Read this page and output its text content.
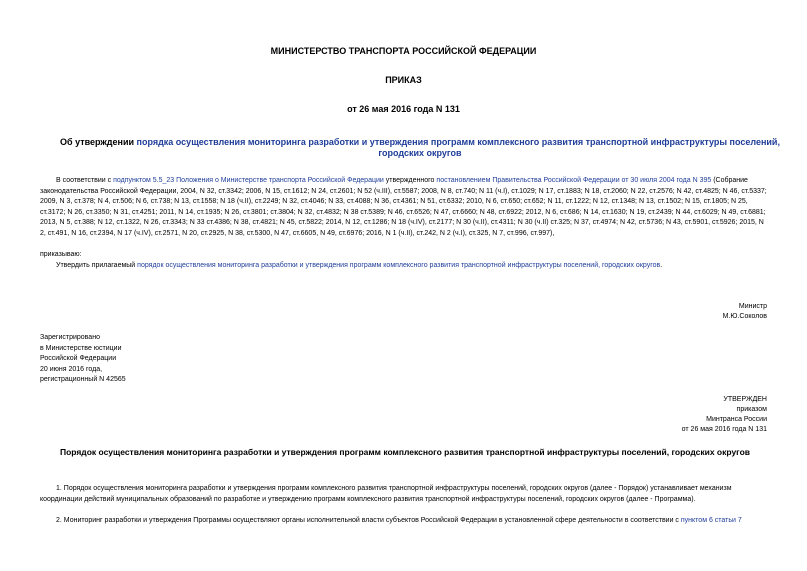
МИНИСТЕРСТВО ТРАНСПОРТА РОССИЙСКОЙ ФЕДЕРАЦИИ
ПРИКАЗ
от 26 мая 2016 года N 131
Об утверждении порядка осуществления мониторинга разработки и утверждения программ комплексного развития транспортной инфраструктуры поселений, городских округов
В соответствии с подпунктом 5.5_23 Положения о Министерстве транспорта Российской Федерации утвержденного постановлением Правительства Российской Федерации от 30 июля 2004 года N 395 (Собрание законодательства Российской Федерации, 2004, N 32, ст.3342; 2006, N 15, ст.1612; N 24, ст.2601; N 52 (ч.III), ст.5587; 2008, N 8, ст.740; N 11 (ч.I), ст.1029; N 17, ст.1883; N 18, ст.2060; N 22, ст.2576; N 42, ст.4825; N 46, ст.5337; 2009, N 3, ст.378; N 4, ст.506; N 6, ст.738; N 13, ст.1558; N 18 (ч.II), ст.2249; N 32, ст.4046; N 33, ст.4088; N 36, ст.4361; N 51, ст.6332; 2010, N 6, ст.650; ст.652; N 11, ст.1222; N 12, ст.1348; N 13, ст.1502; N 15, ст.1805; N 25, ст.3172; N 26, ст.3350; N 31, ст.4251; 2011, N 14, ст.1935; N 26, ст.3801; ст.3804; N 32, ст.4832; N 38 ст.5389; N 46, ст.6526; N 47, ст.6660; N 48, ст.6922; 2012, N 6, ст.686; N 14, ст.1630; N 19, ст.2439; N 44, ст.6029; N 49, ст.6881; 2013, N 5, ст.388; N 12, ст.1322, N 26, ст.3343; N 33 ст.4386; N 38, ст.4821; N 45, ст.5822; 2014, N 12, ст.1286; N 18 (ч.IV), ст.2177; N 30 (ч.II), ст.4311; N 30 (ч.II) ст.325; N 37, ст.4974; N 42, ст.5736; N 43, ст.5901, ст.5926; 2015, N 2, ст.491, N 16, ст.2394, N 17 (ч.IV), ст.2571, N 20, ст.2925, N 38, ст.5300, N 47, ст.6605, N 49, ст.6976; 2016, N 1 (ч.II), ст.242, N 2 (ч.I), ст.325, N 7, ст.996, ст.997),
приказываю:
Утвердить прилагаемый порядок осуществления мониторинга разработки и утверждения программ комплексного развития транспортной инфраструктуры поселений, городских округов.
Министр
М.Ю.Соколов
Зарегистрировано
в Министерстве юстиции
Российской Федерации
20 июня 2016 года,
регистрационный N 42565
УТВЕРЖДЕН
приказом
Минтранса России
от 26 мая 2016 года N 131
Порядок осуществления мониторинга разработки и утверждения программ комплексного развития транспортной инфраструктуры поселений, городских округов
1. Порядок осуществления мониторинга разработки и утверждения программ комплексного развития транспортной инфраструктуры поселений, городских округов (далее - Порядок) устанавливает механизм координации действий муниципальных образований по разработке и утверждению программ комплексного развития транспортной инфраструктуры поселений, городских округов (далее - Программа).
2. Мониторинг разработки и утверждения Программы осуществляют органы исполнительной власти субъектов Российской Федерации в установленной сфере деятельности в соответствии с пунктом 6 статьи 7
